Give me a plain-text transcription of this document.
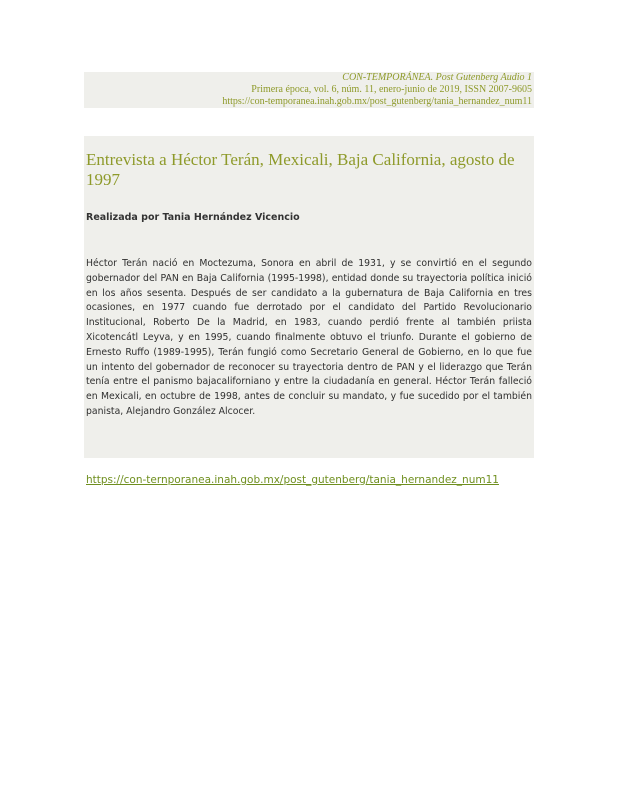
CON-TEMPORÁNEA. Post Gutenberg Audio 1
Primera época, vol. 6, núm. 11, enero-junio de 2019, ISSN 2007-9605
https://con-temporanea.inah.gob.mx/post_gutenberg/tania_hernandez_num11
Entrevista a Héctor Terán, Mexicali, Baja California, agosto de 1997
Realizada por Tania Hernández Vicencio

Héctor Terán nació en Moctezuma, Sonora en abril de 1931, y se convirtió en el segundo gobernador del PAN en Baja California (1995-1998), entidad donde su trayectoria política inició en los años sesenta. Después de ser candidato a la gubernatura de Baja California en tres ocasiones, en 1977 cuando fue derrotado por el candidato del Partido Revolucionario Institucional, Roberto De la Madrid, en 1983, cuando perdió frente al también priista Xicotencátl Leyva, y en 1995, cuando finalmente obtuvo el triunfo. Durante el gobierno de Ernesto Ruffo (1989-1995), Terán fungió como Secretario General de Gobierno, en lo que fue un intento del gobernador de reconocer su trayectoria dentro de PAN y el liderazgo que Terán tenía entre el panismo bajacaliforniano y entre la ciudadanía en general. Héctor Terán falleció en Mexicali, en octubre de 1998, antes de concluir su mandato, y fue sucedido por el también panista, Alejandro González Alcocer.

https://con-ternporanea.inah.gob.mx/post_gutenberg/tania_hernandez_num11
